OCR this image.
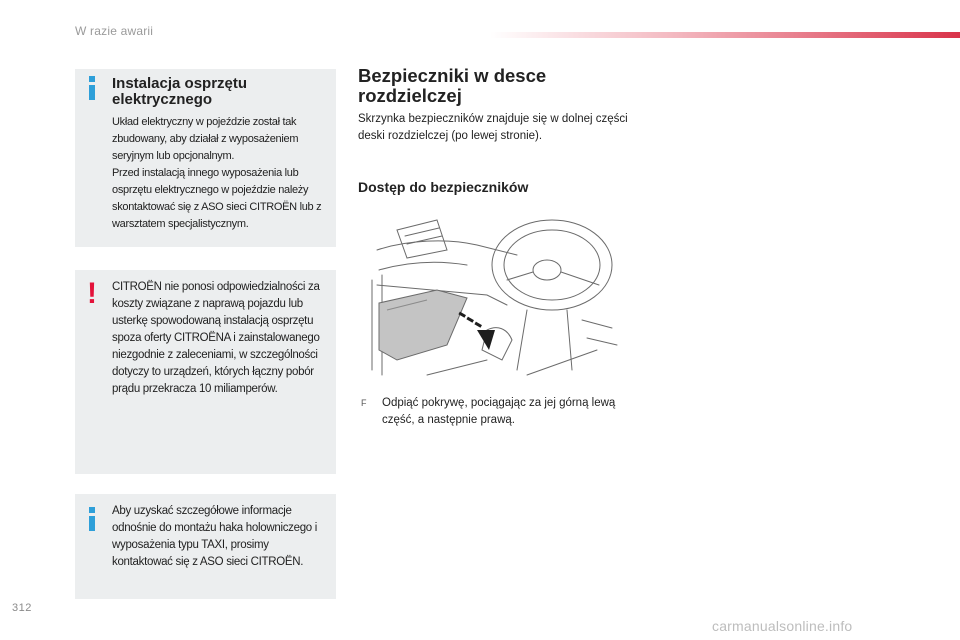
W razie awarii
Instalacja osprzętu elektrycznego

Układ elektryczny w pojeździe został tak zbudowany, aby działał z wyposażeniem seryjnym lub opcjonalnym.

Przed instalacją innego wyposażenia lub osprzętu elektrycznego w pojeździe należy skontaktować się z ASO sieci CITROËN lub z warsztatem specjalistycznym.

! CITROËN nie ponosi odpowiedzialności za koszty związane z naprawą pojazdu lub usterkę spowodowaną instalacją osprzętu spoza oferty CITROËNA i zainstalowanego niezgodnie z zaleceniami, w szczególności dotyczy to urządzeń, których łączny pobór prądu przekracza 10 miliamperów.
Aby uzyskać szczegółowe informacje odnośnie do montażu haka holowniczego i wyposażenia typu TAXI, prosimy kontaktować się z ASO sieci CITROËN.
Bezpieczniki w desce rozdzielczej

Skrzynka bezpieczników znajduje się w dolnej części deski rozdzielczej (po lewej stronie).

Dostęp do bezpieczników
F Odpiąć pokrywę, pociągając za jej górną lewą część, a następnie prawą.
312
carmanualsonline.info
